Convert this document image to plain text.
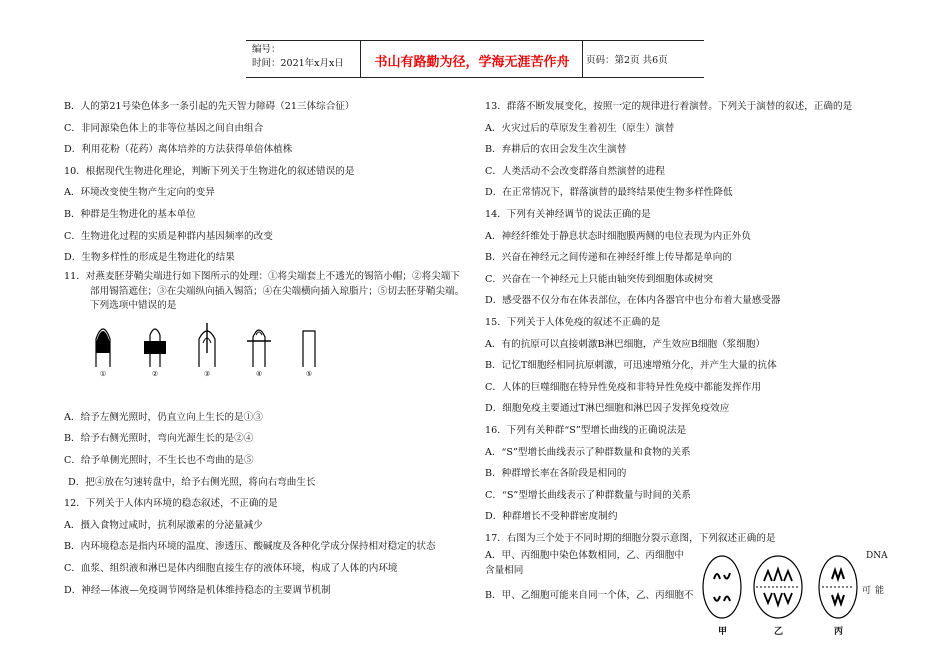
编号：
时间：2021年x月x日	书山有路勤为径，学海无涯苦作舟	页码：第2页 共6页
B．人的第21号染色体多一条引起的先天智力障碍（21三体综合征）
C．非同源染色体上的非等位基因之间自由组合
D．利用花粉（花药）离体培养的方法获得单倍体植株
10．根据现代生物进化理论，判断下列关于生物进化的叙述错误的是
A．环境改变使生物产生定向的变异
B．种群是生物进化的基本单位
C．生物进化过程的实质是种群内基因频率的改变
D．生物多样性的形成是生物进化的结果
11．对燕麦胚芽鞘尖端进行如下图所示的处理：①将尖端套上不透光的锡箔小帽；②将尖端下
部用锡箔遮住；③在尖端纵向插入锡箔；④在尖端横向插入琼脂片；⑤切去胚芽鞘尖端。
下列选项中错误的是
①	②	③	④	⑤
A．给予左侧光照时，仍直立向上生长的是①③
B．给予右侧光照时，弯向光源生长的是②④
C．给予单侧光照时，不生长也不弯曲的是⑤
D．把④放在匀速转盘中，给予右侧光照，将向右弯曲生长
12．下列关于人体内环境的稳态叙述，不正确的是
A．摄入食物过咸时，抗利尿激素的分泌量减少
B．内环境稳态是指内环境的温度、渗透压、酸碱度及各种化学成分保持相对稳定的状态
C．血浆、组织液和淋巴是体内细胞直接生存的液体环境，构成了人体的内环境
D．神经—体液—免疫调节网络是机体维持稳态的主要调节机制
13．群落不断发展变化，按照一定的规律进行着演替。下列关于演替的叙述，正确的是
A．火灾过后的草原发生着初生（原生）演替
B．弃耕后的农田会发生次生演替
C．人类活动不会改变群落自然演替的进程
D．在正常情况下，群落演替的最终结果使生物多样性降低
14．下列有关神经调节的说法正确的是
A．神经纤维处于静息状态时细胞膜两侧的电位表现为内正外负
B．兴奋在神经元之间传递和在神经纤维上传导都是单向的
C．兴奋在一个神经元上只能由轴突传到细胞体或树突
D．感受器不仅分布在体表部位，在体内各器官中也分布着大量感受器
15．下列关于人体免疫的叙述不正确的是
A．有的抗原可以直接刺激B淋巴细胞，产生效应B细胞（浆细胞）
B．记忆T细胞经相同抗原刺激，可迅速增殖分化，并产生大量的抗体
C．人体的巨噬细胞在特异性免疫和非特异性免疫中都能发挥作用
D．细胞免疫主要通过T淋巴细胞和淋巴因子发挥免疫效应
16．下列有关种群“S”型增长曲线的正确说法是
A．“S”型增长曲线表示了种群数量和食物的关系
B．种群增长率在各阶段是相同的
C．“S”型增长曲线表示了种群数量与时间的关系
D．种群增长不受种群密度制约
17．右图为三个处于不同时期的细胞分裂示意图，下列叙述正确的是
A．甲、丙细胞中染色体数相同，乙、丙细胞中
含量相同
B．甲、乙细胞可能来自同一个体，乙、丙细胞不
DNA
可能
甲	乙	丙
